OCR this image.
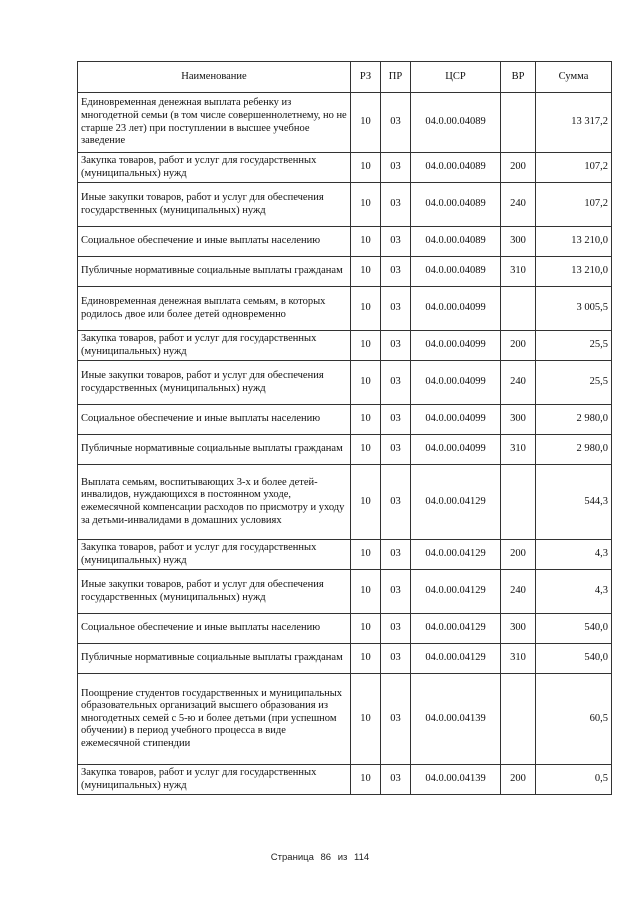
Наименование	РЗ	ПР	ЦСР	ВР	Сумма
Единовременная денежная выплата ребенку из многодетной семьи (в том числе совершеннолетнему, но не старше 23 лет) при поступлении в высшее учебное заведение	10	03	04.0.00.04089		13 317,2
Закупка товаров, работ и услуг для государственных (муниципальных) нужд	10	03	04.0.00.04089	200	107,2
Иные закупки товаров, работ и услуг для обеспечения государственных (муниципальных) нужд	10	03	04.0.00.04089	240	107,2
Социальное обеспечение и иные выплаты населению	10	03	04.0.00.04089	300	13 210,0
Публичные нормативные социальные выплаты гражданам	10	03	04.0.00.04089	310	13 210,0
Единовременная денежная выплата семьям, в которых родилось двое или более детей одновременно	10	03	04.0.00.04099		3 005,5
Закупка товаров, работ и услуг для государственных (муниципальных) нужд	10	03	04.0.00.04099	200	25,5
Иные закупки товаров, работ и услуг для обеспечения государственных (муниципальных) нужд	10	03	04.0.00.04099	240	25,5
Социальное обеспечение и иные выплаты населению	10	03	04.0.00.04099	300	2 980,0
Публичные нормативные социальные выплаты гражданам	10	03	04.0.00.04099	310	2 980,0
Выплата семьям, воспитывающих 3-х и более детей-инвалидов, нуждающихся в постоянном уходе, ежемесячной компенсации расходов по присмотру и уходу за детьми-инвалидами в домашних условиях	10	03	04.0.00.04129		544,3
Закупка товаров, работ и услуг для государственных (муниципальных) нужд	10	03	04.0.00.04129	200	4,3
Иные закупки товаров, работ и услуг для обеспечения государственных (муниципальных) нужд	10	03	04.0.00.04129	240	4,3
Социальное обеспечение и иные выплаты населению	10	03	04.0.00.04129	300	540,0
Публичные нормативные социальные выплаты гражданам	10	03	04.0.00.04129	310	540,0
Поощрение студентов государственных и муниципальных образовательных организаций высшего образования из многодетных семей с 5-ю и более детьми (при успешном обучении) в период учебного процесса в виде ежемесячной стипендии	10	03	04.0.00.04139		60,5
Закупка товаров, работ и услуг для государственных (муниципальных) нужд	10	03	04.0.00.04139	200	0,5
Страница 86 из 114
